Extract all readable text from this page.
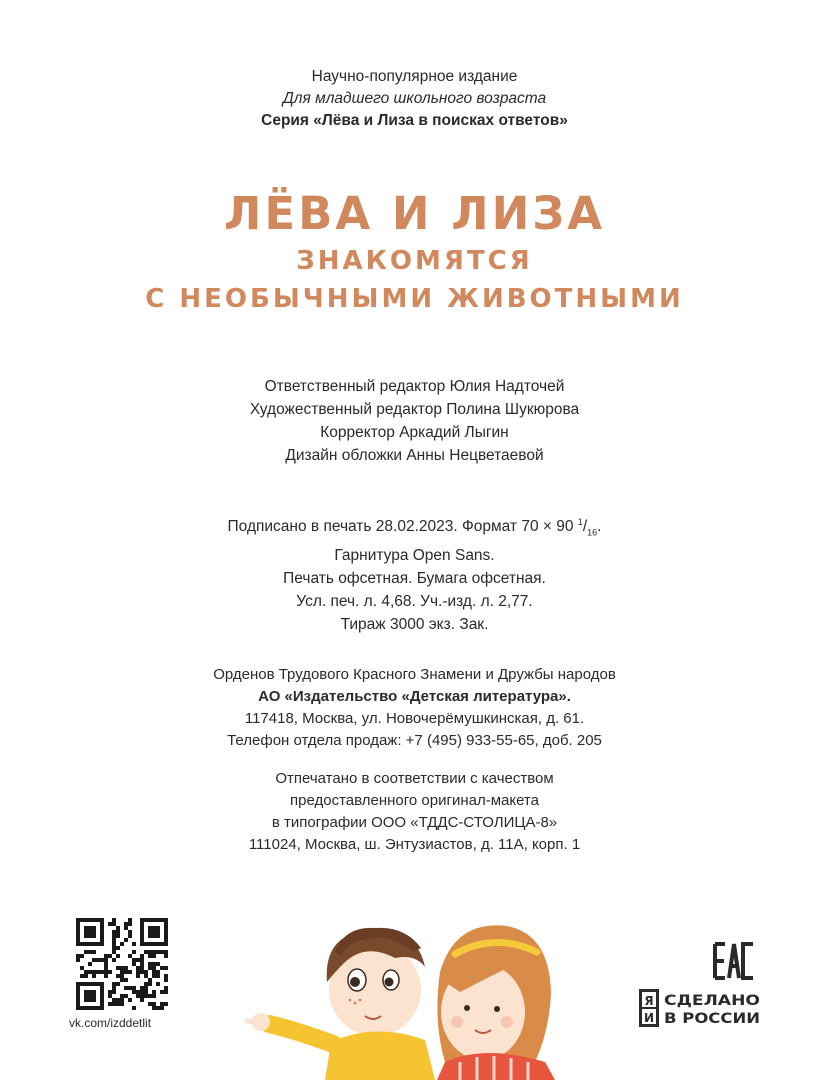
Научно-популярное издание
Для младшего школьного возраста
Серия «Лёва и Лиза в поисках ответов»
ЛЁВА И ЛИЗА
ЗНАКОМЯТСЯ
С НЕОБЫЧНЫМИ ЖИВОТНЫМИ
Ответственный редактор Юлия Надточей
Художественный редактор Полина Шукюрова
Корректор Аркадий Лыгин
Дизайн обложки Анны Нецветаевой
Подписано в печать 28.02.2023. Формат 70 × 90 $^1/_{16}$.
Гарнитура Open Sans.
Печать офсетная. Бумага офсетная.
Усл. печ. л. 4,68. Уч.-изд. л. 2,77.
Тираж 3000 экз. Зак.
Орденов Трудового Красного Знамени и Дружбы народов
АО «Издательство «Детская литература».
117418, Москва, ул. Новочерёмушкинская, д. 61.
Телефон отдела продаж: +7 (495) 933-55-65, доб. 205
Отпечатано в соответствии с качеством
предоставленного оригинал-макета
в типографии ООО «ТДДС-СТОЛИЦА-8»
111024, Москва, ш. Энтузиастов, д. 11А, корп. 1
vk.com/izddetlit
Я
И
СДЕЛАНО
В РОССИИ
